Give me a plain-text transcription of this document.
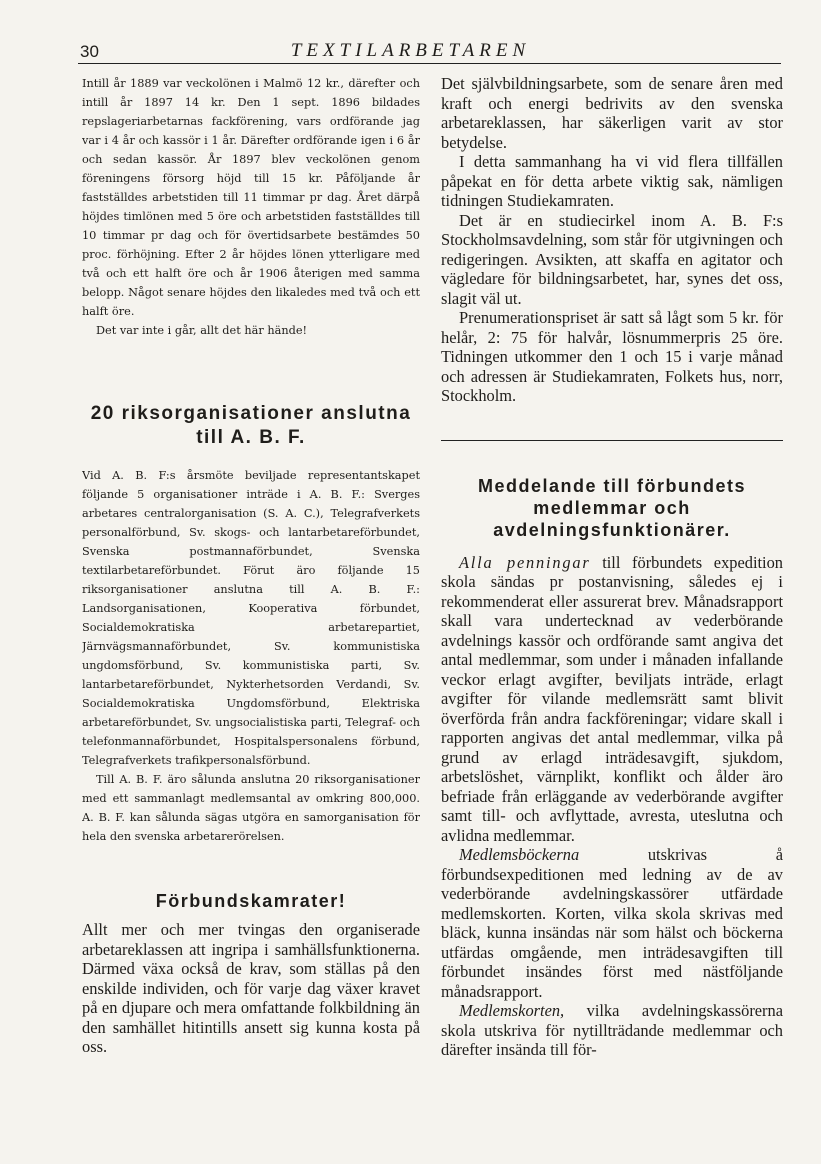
30	TEXTILARBETAREN

Intill år 1889 var veckolönen i Malmö 12 kr., därefter och intill år 1897 14 kr. Den 1 sept. 1896 bildades repslageriarbetarnas fackförening, vars ordförande jag var i 4 år och kassör i 1 år. Därefter ordförande igen i 6 år och sedan kassör. År 1897 blev veckolönen genom föreningens försorg höjd till 15 kr. Påföljande år fastställdes arbetstiden till 11 timmar pr dag. Året därpå höjdes timlönen med 5 öre och arbetstiden fastställdes till 10 timmar pr dag och för övertidsarbete bestämdes 50 proc. förhöjning. Efter 2 år höjdes lönen ytterligare med två och ett halft öre och år 1906 återigen med samma belopp. Något senare höjdes den likaledes med två och ett halft öre.

Det var inte i går, allt det här hände!

20 riksorganisationer anslutna till A. B. F.

Vid A. B. F:s årsmöte beviljade representantskapet följande 5 organisationer inträde i A. B. F.: Sverges arbetares centralorganisation (S. A. C.), Telegrafverkets personalförbund, Sv. skogs- och lantarbetareförbundet, Svenska postmannaförbundet, Svenska textilarbetareförbundet. Förut äro följande 15 riksorganisationer anslutna till A. B. F.: Landsorganisationen, Kooperativa förbundet, Socialdemokratiska arbetarepartiet, Järnvägsmannaförbundet, Sv. kommunistiska ungdomsförbund, Sv. kommunistiska parti, Sv. lantarbetareförbundet, Nykterhetsorden Verdandi, Sv. Socialdemokratiska Ungdomsförbund, Elektriska arbetareförbundet, Sv. ungsocialistiska parti, Telegraf- och telefonmannaförbundet, Hospitalspersonalens förbund, Telegrafverkets trafikpersonalsförbund.

Till A. B. F. äro sålunda anslutna 20 riksorganisationer med ett sammanlagt medlemsantal av omkring 800,000. A. B. F. kan sålunda sägas utgöra en samorganisation för hela den svenska arbetarerörelsen.

Förbundskamrater!

Allt mer och mer tvingas den organiserade arbetareklassen att ingripa i samhällsfunktionerna. Därmed växa också de krav, som ställas på den enskilde individen, och för varje dag växer kravet på en djupare och mera omfattande folkbildning än den samhället hitintills ansett sig kunna kosta på oss.

Det självbildningsarbete, som de senare åren med kraft och energi bedrivits av den svenska arbetareklassen, har säkerligen varit av stor betydelse.

I detta sammanhang ha vi vid flera tillfällen påpekat en för detta arbete viktig sak, nämligen tidningen Studiekamraten.

Det är en studiecirkel inom A. B. F:s Stockholmsavdelning, som står för utgivningen och redigeringen. Avsikten, att skaffa en agitator och vägledare för bildningsarbetet, har, synes det oss, slagit väl ut.

Prenumerationspriset är satt så lågt som 5 kr. för helår, 2: 75 för halvår, lösnummerpris 25 öre. Tidningen utkommer den 1 och 15 i varje månad och adressen är Studiekamraten, Folkets hus, norr, Stockholm.

Meddelande till förbundets medlemmar och avdelningsfunktionärer.

Alla penningar till förbundets expedition skola sändas pr postanvisning, således ej i rekommenderat eller assurerat brev. Månadsrapport skall vara undertecknad av vederbörande avdelnings kassör och ordförande samt angiva det antal medlemmar, som under i månaden infallande veckor erlagt avgifter, beviljats inträde, erlagt avgifter för vilande medlemsrätt samt blivit överförda från andra fackföreningar; vidare skall i rapporten angivas det antal medlemmar, vilka på grund av erlagd inträdesavgift, sjukdom, arbetslöshet, värnplikt, konflikt och ålder äro befriade från erläggande av vederbörande avgifter samt till- och avflyttade, avresta, uteslutna och avlidna medlemmar.

Medlemsböckerna utskrivas å förbundsexpeditionen med ledning av de av vederbörande avdelningskassörer utfärdade medlemskorten. Korten, vilka skola skrivas med bläck, kunna insändas när som hälst och böckerna utfärdas omgående, men inträdesavgiften till förbundet insändes först med nästföljande månadsrapport.

Medlemskorten, vilka avdelningskassörerna skola utskriva för nytillträdande medlemmar och därefter insända till för-
